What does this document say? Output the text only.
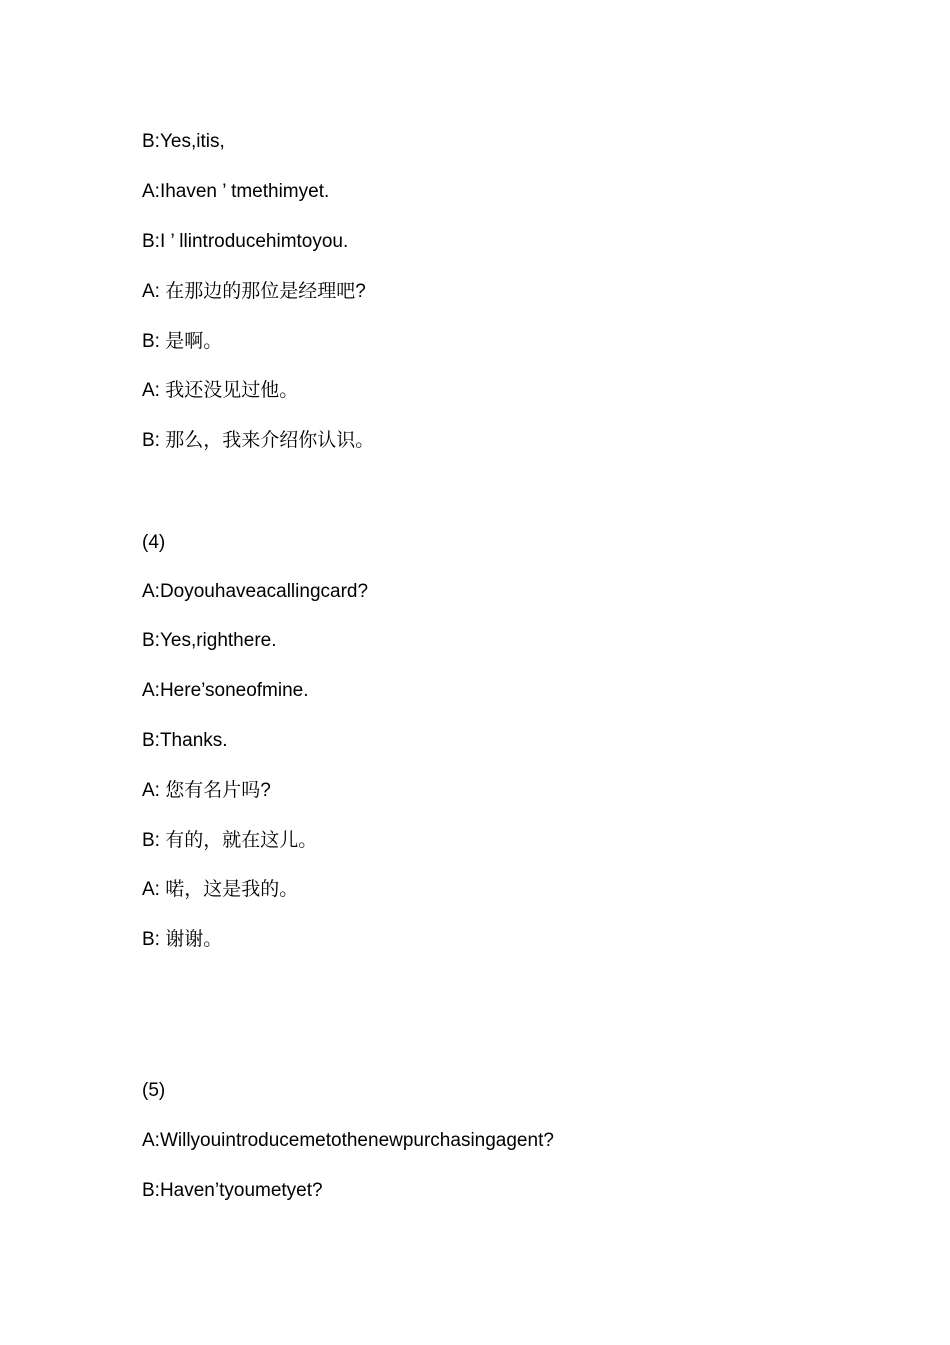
B:Yes,itis,
A:Ihaven ’ tmethimyet.
B:I ’ llintroducehimtoyou.
A: 在那边的那位是经理吧?
B: 是啊。
A: 我还没见过他。
B: 那么，我来介绍你认识。
(4)
A:Doyouhaveacallingcard?
B:Yes,righthere.
A:Here’soneofmine.
B:Thanks.
A: 您有名片吗?
B: 有的，就在这儿。
A: 喏，这是我的。
B: 谢谢。
(5)
A:Willyouintroducemetothenewpurchasingagent?
B:Haven’tyoumetyet?
